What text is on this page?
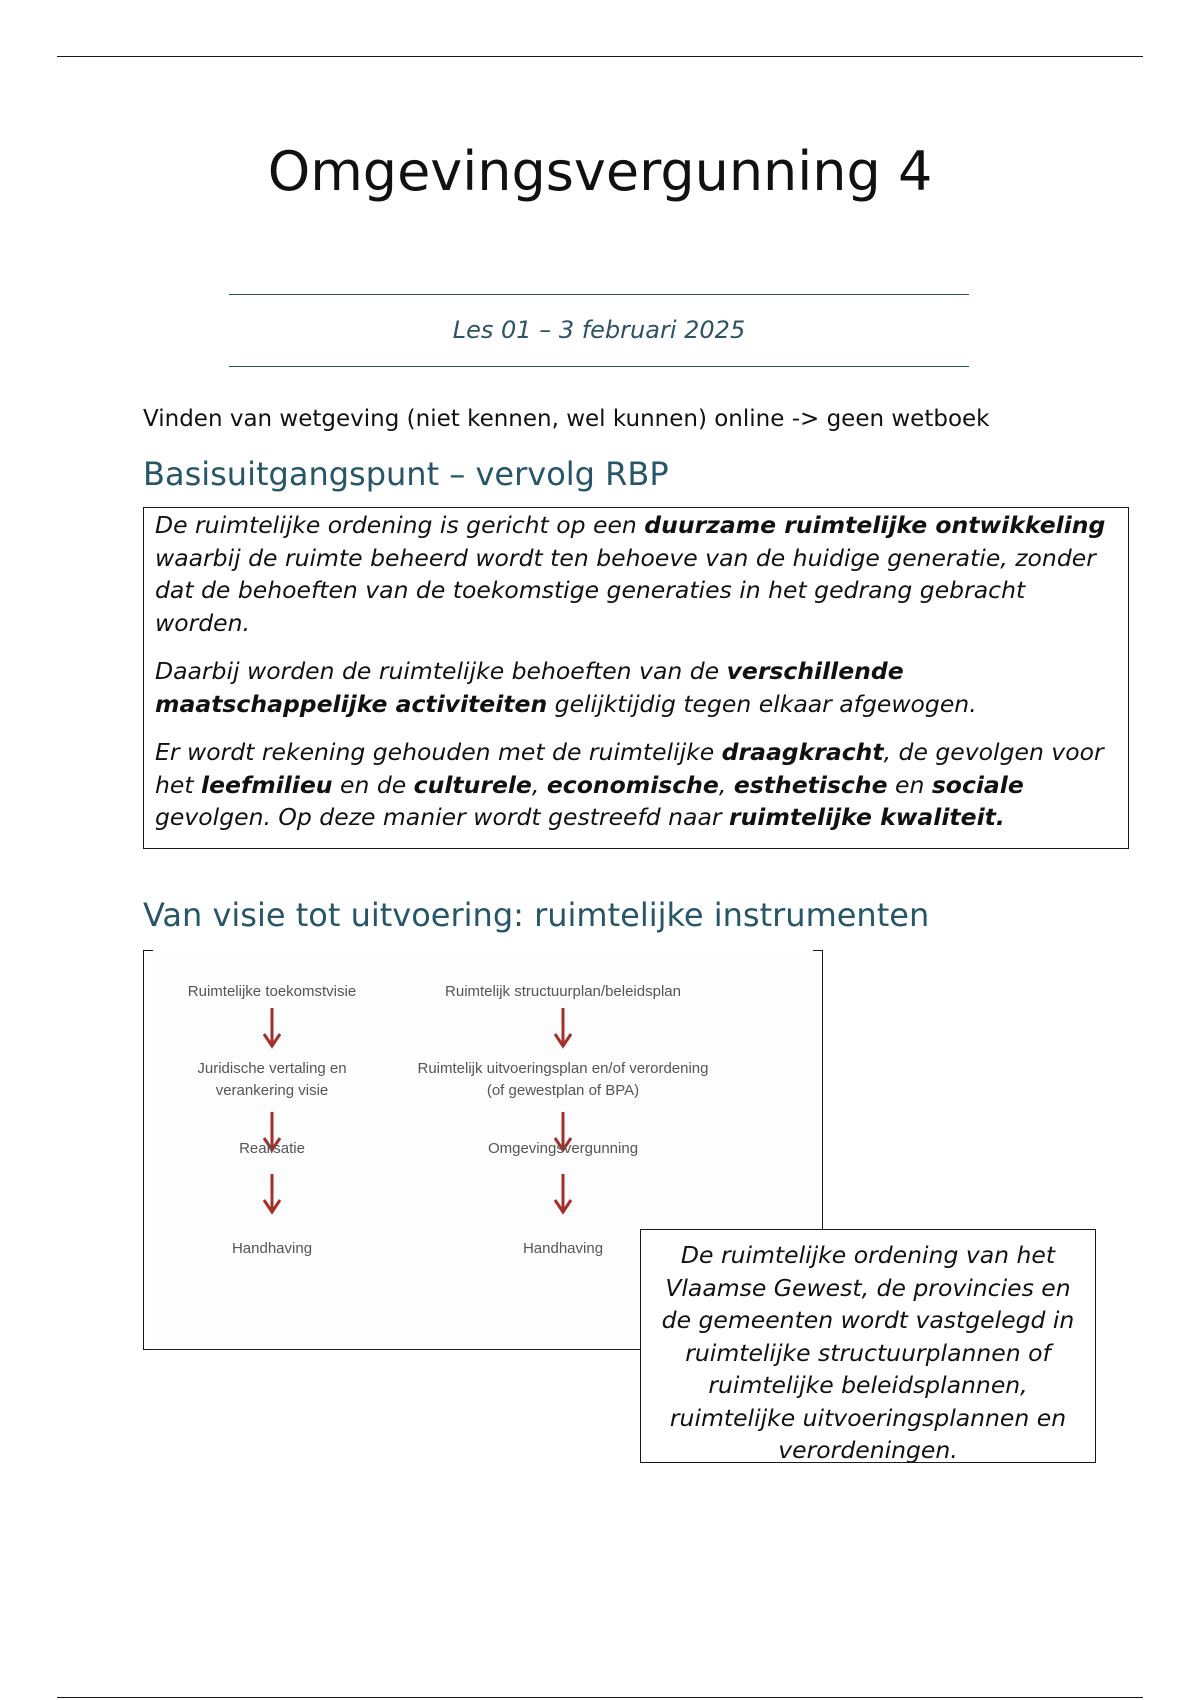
Omgevingsvergunning 4
Les 01 – 3 februari 2025
Vinden van wetgeving (niet kennen, wel kunnen) online -> geen wetboek
Basisuitgangspunt – vervolg RBP

De ruimtelijke ordening is gericht op een duurzame ruimtelijke ontwikkeling waarbij de ruimte beheerd wordt ten behoeve van de huidige generatie, zonder dat de behoeften van de toekomstige generaties in het gedrang gebracht worden.

Daarbij worden de ruimtelijke behoeften van de verschillende maatschappelijke activiteiten gelijktijdig tegen elkaar afgewogen.

Er wordt rekening gehouden met de ruimtelijke draagkracht, de gevolgen voor het leefmilieu en de culturele, economische, esthetische en sociale gevolgen. Op deze manier wordt gestreefd naar ruimtelijke kwaliteit.

Van visie tot uitvoering: ruimtelijke instrumenten
Ruimtelijke toekomstvisie
Juridische vertaling en
verankering visie
Realisatie
Handhaving
Ruimtelijk structuurplan/beleidsplan
Ruimtelijk uitvoeringsplan en/of verordening
(of gewestplan of BPA)
Omgevingsvergunning
Handhaving	De ruimtelijke ordening van het Vlaamse Gewest, de provincies en de gemeenten wordt vastgelegd in ruimtelijke structuurplannen of ruimtelijke beleidsplannen, ruimtelijke uitvoeringsplannen en verordeningen.
